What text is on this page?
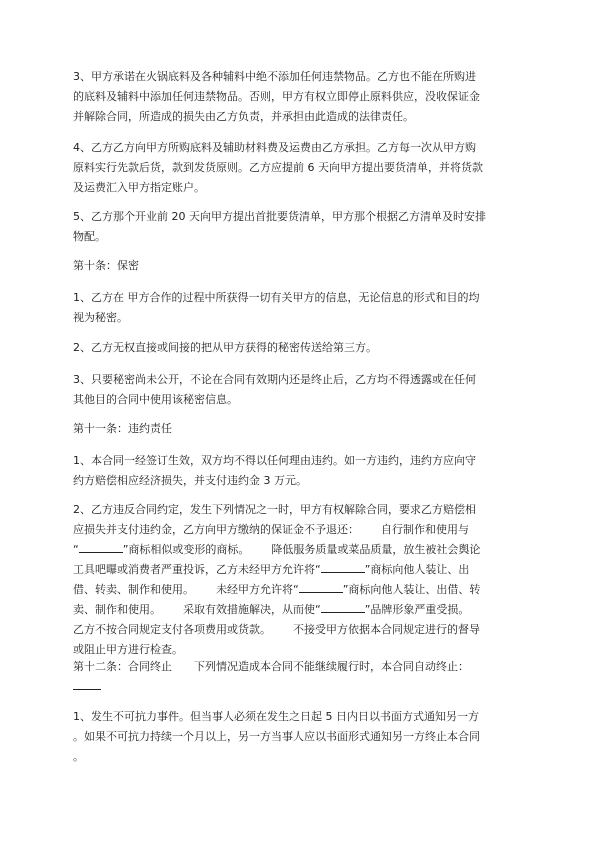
3、甲方承诺在火锅底料及各种辅料中绝不添加任何违禁物品。乙方也不能在所购进
的底料及辅料中添加任何违禁物品。否则，甲方有权立即停止原料供应，没收保证金
并解除合同，所造成的损失由乙方负责，并承担由此造成的法律责任。

4、乙方乙方向甲方所购底料及辅助材料费及运费由乙方承担。乙方每一次从甲方购
原料实行先款后货，款到发货原则。乙方应提前 6 天向甲方提出要货清单，并将货款
及运费汇入甲方指定账户。

5、乙方那个开业前 20 天向甲方提出首批要货清单，甲方那个根据乙方清单及时安排
物配。

第十条：保密

1、乙方在 甲方合作的过程中所获得一切有关甲方的信息，无论信息的形式和目的均
视为秘密。

2、乙方无权直接或间接的把从甲方获得的秘密传送给第三方。

3、只要秘密尚未公开，不论在合同有效期内还是终止后，乙方均不得透露或在任何
其他目的合同中使用该秘密信息。

第十一条：违约责任

1、本合同一经签订生效，双方均不得以任何理由违约。如一方违约，违约方应向守
约方赔偿相应经济损失，并支付违约金 3 万元。

2、乙方违反合同约定，发生下列情况之一时，甲方有权解除合同，要求乙方赔偿相
应损失并支付违约金，乙方向甲方缴纳的保证金不予退还： 自行制作和使用与
“	”商标相似或变形的商标。 降低服务质量或菜品质量，放生被社会舆论
工具吧曝或消费者严重投诉，乙方未经甲方允许将“	”商标向他人装让、出
借、转卖、制作和使用。 未经甲方允许将“	”商标向他人装让、出借、转
卖、制作和使用。 采取有效措施解决，从而使“	”品牌形象严重受损。
乙方不按合同规定支付各项费用或货款。 不接受甲方依据本合同规定进行的督导
或阻止甲方进行检查。

第十二条：合同终止 下列情况造成本合同不能继续履行时，本合同自动终止：

1、发生不可抗力事件。但当事人必须在发生之日起 5 日内日以书面方式通知另一方
。如果不可抗力持续一个月以上，另一方当事人应以书面形式通知另一方终止本合同
。
